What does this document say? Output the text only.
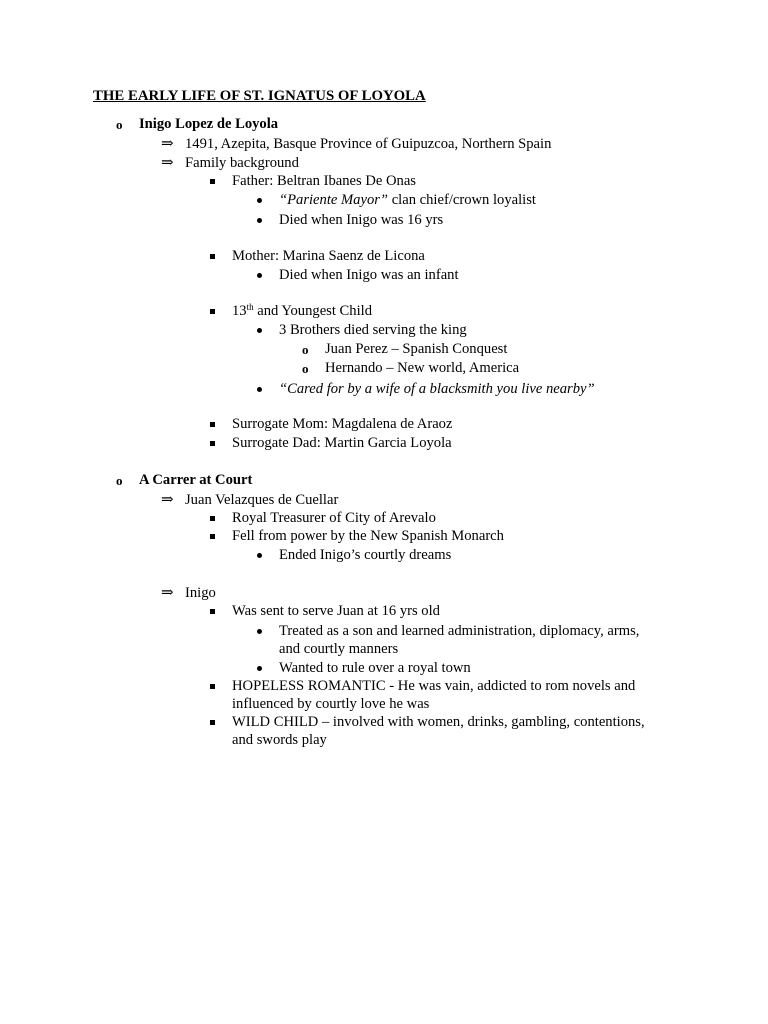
THE EARLY LIFE OF ST. IGNATUS OF LOYOLA
o Inigo Lopez de Loyola
⇒ 1491, Azepita, Basque Province of Guipuzcoa, Northern Spain
⇒ Family background
Father: Beltran Ibanes De Onas
“Pariente Mayor” clan chief/crown loyalist
Died when Inigo was 16 yrs
Mother: Marina Saenz de Licona
Died when Inigo was an infant
13th and Youngest Child
3 Brothers died serving the king
o Juan Perez – Spanish Conquest
o Hernando – New world, America
“Cared for by a wife of a blacksmith you live nearby”
Surrogate Mom: Magdalena de Araoz
Surrogate Dad: Martin Garcia Loyola
o A Carrer at Court
⇒ Juan Velazques de Cuellar
Royal Treasurer of City of Arevalo
Fell from power by the New Spanish Monarch
Ended Inigo’s courtly dreams
⇒ Inigo
Was sent to serve Juan at 16 yrs old
Treated as a son and learned administration, diplomacy, arms,
and courtly manners
Wanted to rule over a royal town
HOPELESS ROMANTIC - He was vain, addicted to rom novels and
influenced by courtly love he was
WILD CHILD – involved with women, drinks, gambling, contentions,
and swords play
